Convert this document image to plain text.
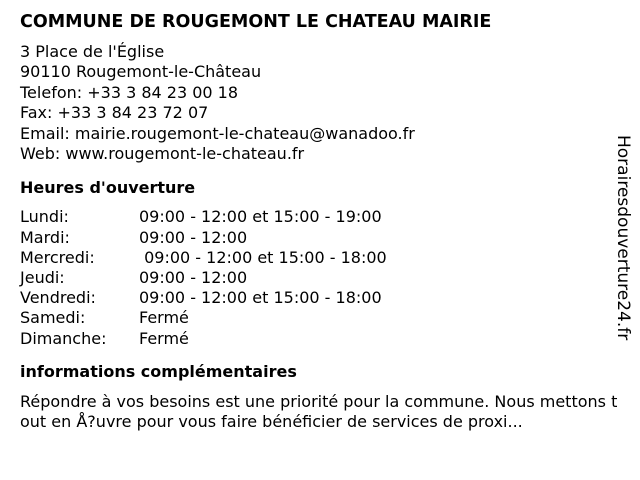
COMMUNE DE ROUGEMONT LE CHATEAU MAIRIE
3 Place de l'Église
90110 Rougemont-le-Château
Telefon: +33 3 84 23 00 18
Fax: +33 3 84 23 72 07
Email: mairie.rougemont-le-chateau@wanadoo.fr
Web: www.rougemont-le-chateau.fr
Heures d'ouverture
Lundi:	09:00 - 12:00 et 15:00 - 19:00
Mardi:	09:00 - 12:00
Mercredi:	09:00 - 12:00 et 15:00 - 18:00
Jeudi:	09:00 - 12:00
Vendredi:	09:00 - 12:00 et 15:00 - 18:00
Samedi:	Fermé
Dimanche:	Fermé
informations complémentaires
Répondre à vos besoins est une priorité pour la commune. Nous mettons tout en Å?uvre pour vous faire bénéficier de services de proxi...
Horairesdouverture24.fr
